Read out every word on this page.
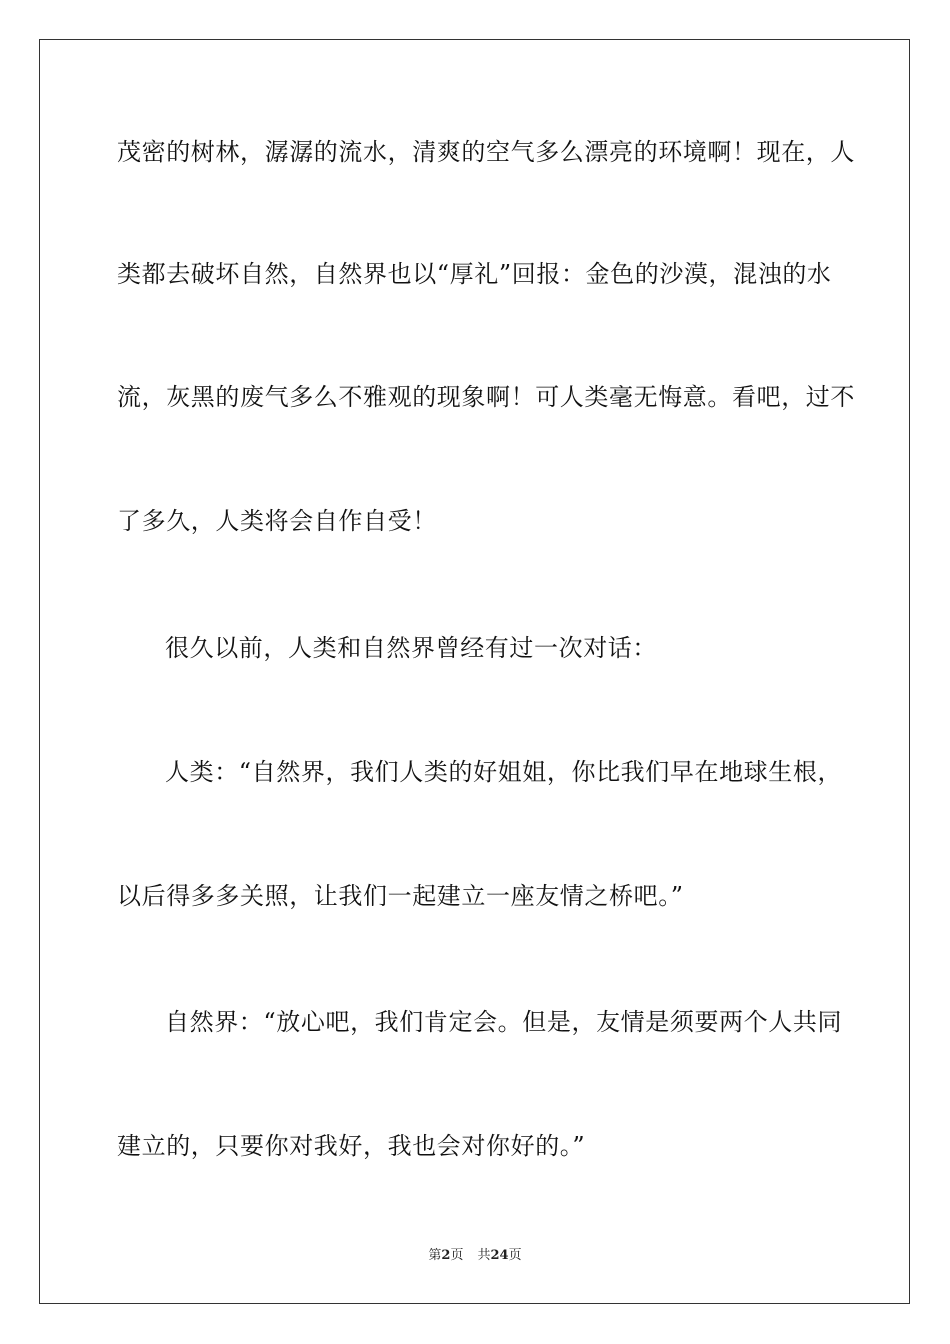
茂密的树林，潺潺的流水，清爽的空气多么漂亮的环境啊！现在，人
类都去破坏自然，自然界也以“厚礼”回报：金色的沙漠，混浊的水
流，灰黑的废气多么不雅观的现象啊！可人类毫无悔意。看吧，过不
了多久，人类将会自作自受！
很久以前，人类和自然界曾经有过一次对话：
人类：“自然界，我们人类的好姐姐，你比我们早在地球生根，
以后得多多关照，让我们一起建立一座友情之桥吧。”
自然界：“放心吧，我们肯定会。但是，友情是须要两个人共同
建立的，只要你对我好，我也会对你好的。”
第2页 共24页
